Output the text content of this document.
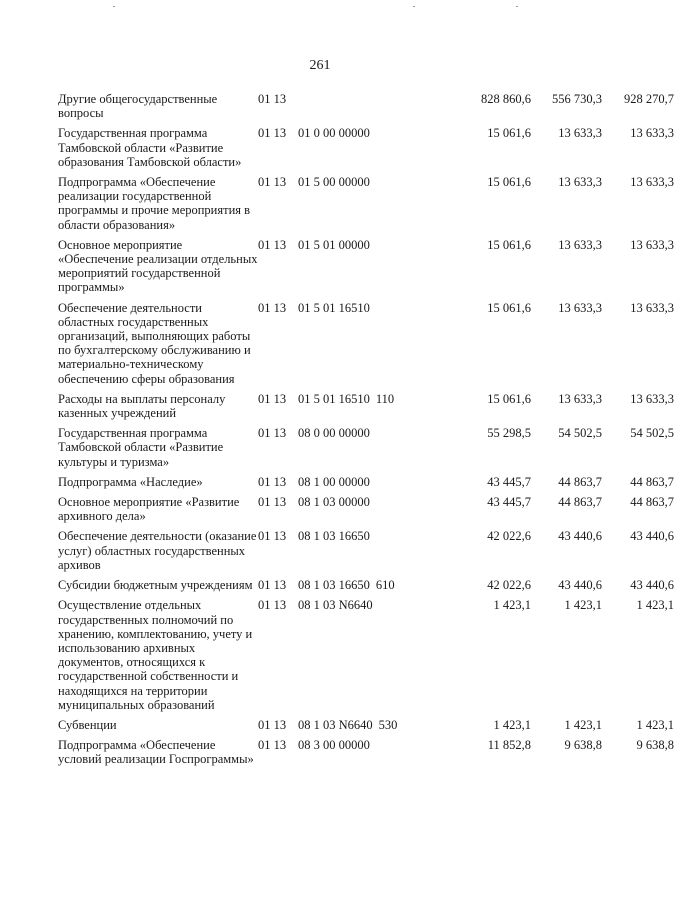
261
Другие общегосударственные вопросы
01 13	828 860,6 556 730,3 928 270,7
Государственная программа Тамбовской области «Развитие образования Тамбовской области»
01 13 01 0 00 00000	15 061,6 13 633,3 13 633,3
Подпрограмма «Обеспечение реализации государственной программы и прочие мероприятия в области образования»
01 13 01 5 00 00000	15 061,6 13 633,3 13 633,3
Основное мероприятие «Обеспечение реализации отдельных мероприятий государственной программы»
01 13 01 5 01 00000	15 061,6 13 633,3 13 633,3
Обеспечение деятельности областных государственных организаций, выполняющих работы по бухгалтерскому обслуживанию и материально-техническому обеспечению сферы образования
01 13 01 5 01 16510	15 061,6 13 633,3 13 633,3
Расходы на выплаты персоналу казенных учреждений
01 13 01 5 01 16510 110	15 061,6 13 633,3 13 633,3
Государственная программа Тамбовской области «Развитие культуры и туризма»
01 13 08 0 00 00000	55 298,5 54 502,5 54 502,5
Подпрограмма «Наследие»	01 13 08 1 00 00000	43 445,7 44 863,7 44 863,7
Основное мероприятие «Развитие архивного дела»
01 13 08 1 03 00000	43 445,7 44 863,7 44 863,7
Обеспечение деятельности (оказание услуг) областных государственных архивов
01 13 08 1 03 16650	42 022,6 43 440,6 43 440,6
Субсидии бюджетным учреждениям 01 13 08 1 03 16650 610	42 022,6 43 440,6 43 440,6
Осуществление отдельных государственных полномочий по хранению, комплектованию, учету и использованию архивных документов, относящихся к государственной собственности и находящихся на территории муниципальных образований
01 13 08 1 03 N6640	1 423,1	1 423,1	1 423,1
Субвенции	01 13 08 1 03 N6640 530	1 423,1	1 423,1	1 423,1
Подпрограмма «Обеспечение условий реализации Госпрограммы»
01 13 08 3 00 00000	11 852,8	9 638,8	9 638,8
